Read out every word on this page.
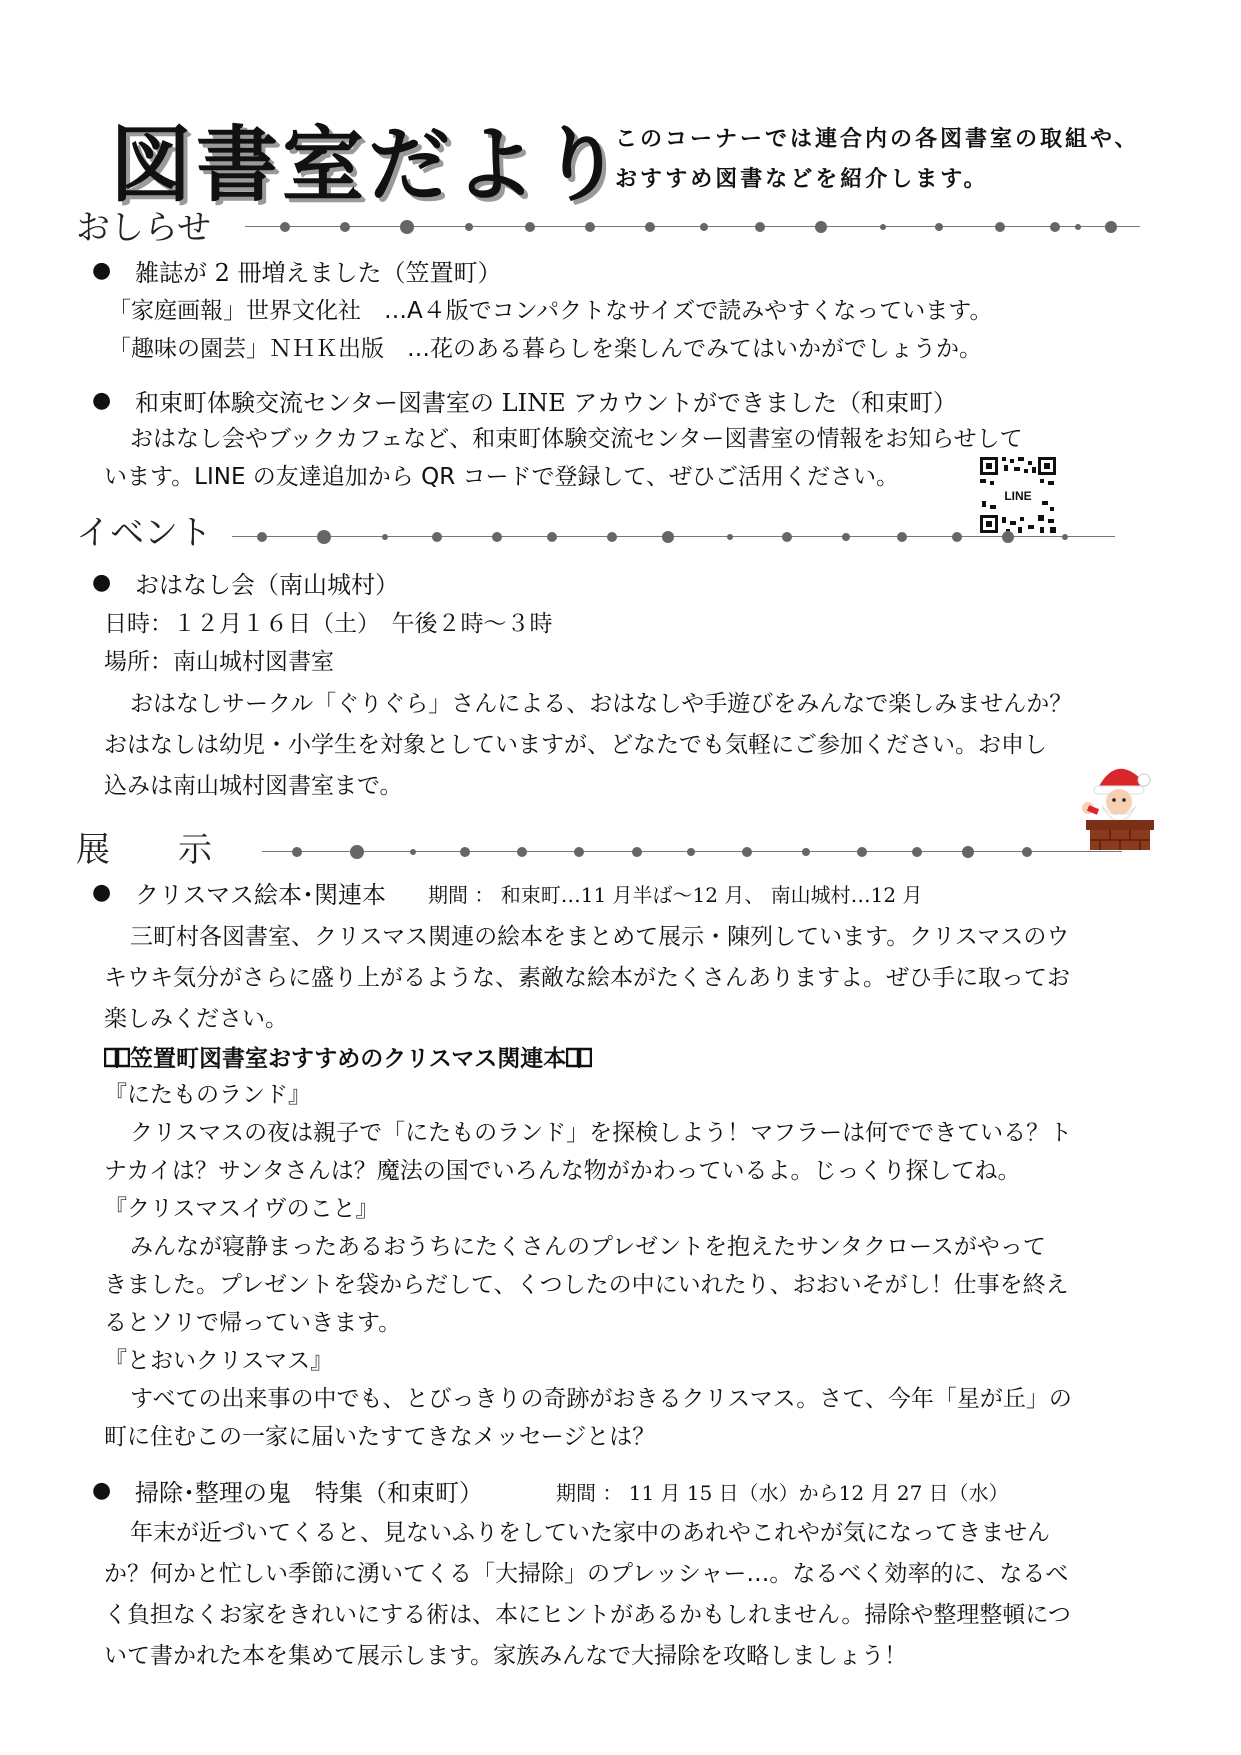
図書室だより
このコーナーでは連合内の各図書室の取組や、
おすすめ図書などを紹介します。
おしらせ
● 雑誌が 2 冊増えました（笠置町）
「家庭画報」世界文化社　…A４版でコンパクトなサイズで読みやすくなっています。
「趣味の園芸」ＮＨＫ出版　…花のある暮らしを楽しんでみてはいかがでしょうか。
● 和束町体験交流センター図書室の LINE アカウントができました（和束町）
おはなし会やブックカフェなど、和束町体験交流センター図書室の情報をお知らせして
います。LINE の友達追加から QR コードで登録して、ぜひご活用ください。
LINE
イベント
● おはなし会（南山城村）
日時：１２月１６日（土）　午後２時～３時
場所：南山城村図書室
おはなしサークル「ぐりぐら」さんによる、おはなしや手遊びをみんなで楽しみませんか？
おはなしは幼児・小学生を対象としていますが、どなたでも気軽にご参加ください。お申し
込みは南山城村図書室まで。
展　　示
● クリスマス絵本･関連本 期間 ： 和束町…11 月半ば～12 月、 南山城村…12 月
三町村各図書室、クリスマス関連の絵本をまとめて展示・陳列しています。クリスマスのウ
キウキ気分がさらに盛り上がるような、素敵な絵本がたくさんありますよ。ぜひ手に取ってお
楽しみください。
笠置町図書室おすすめのクリスマス関連本
『にたものランド』
クリスマスの夜は親子で「にたものランド」を探検しよう！マフラーは何でできている？ト
ナカイは？サンタさんは？魔法の国でいろんな物がかわっているよ。じっくり探してね。
『クリスマスイヴのこと』
みんなが寝静まったあるおうちにたくさんのプレゼントを抱えたサンタクロースがやって
きました。プレゼントを袋からだして、くつしたの中にいれたり、おおいそがし！仕事を終え
るとソリで帰っていきます。
『とおいクリスマス』
すべての出来事の中でも、とびっきりの奇跡がおきるクリスマス。さて、今年「星が丘」の
町に住むこの一家に届いたすてきなメッセージとは？
● 掃除･整理の鬼　特集（和束町）	期間 ： 11 月 15 日（水）から12 月 27 日（水）
年末が近づいてくると、見ないふりをしていた家中のあれやこれやが気になってきません
か？何かと忙しい季節に湧いてくる「大掃除」のプレッシャー…。なるべく効率的に、なるべ
く負担なくお家をきれいにする術は、本にヒントがあるかもしれません。掃除や整理整頓につ
いて書かれた本を集めて展示します。家族みんなで大掃除を攻略しましょう！
